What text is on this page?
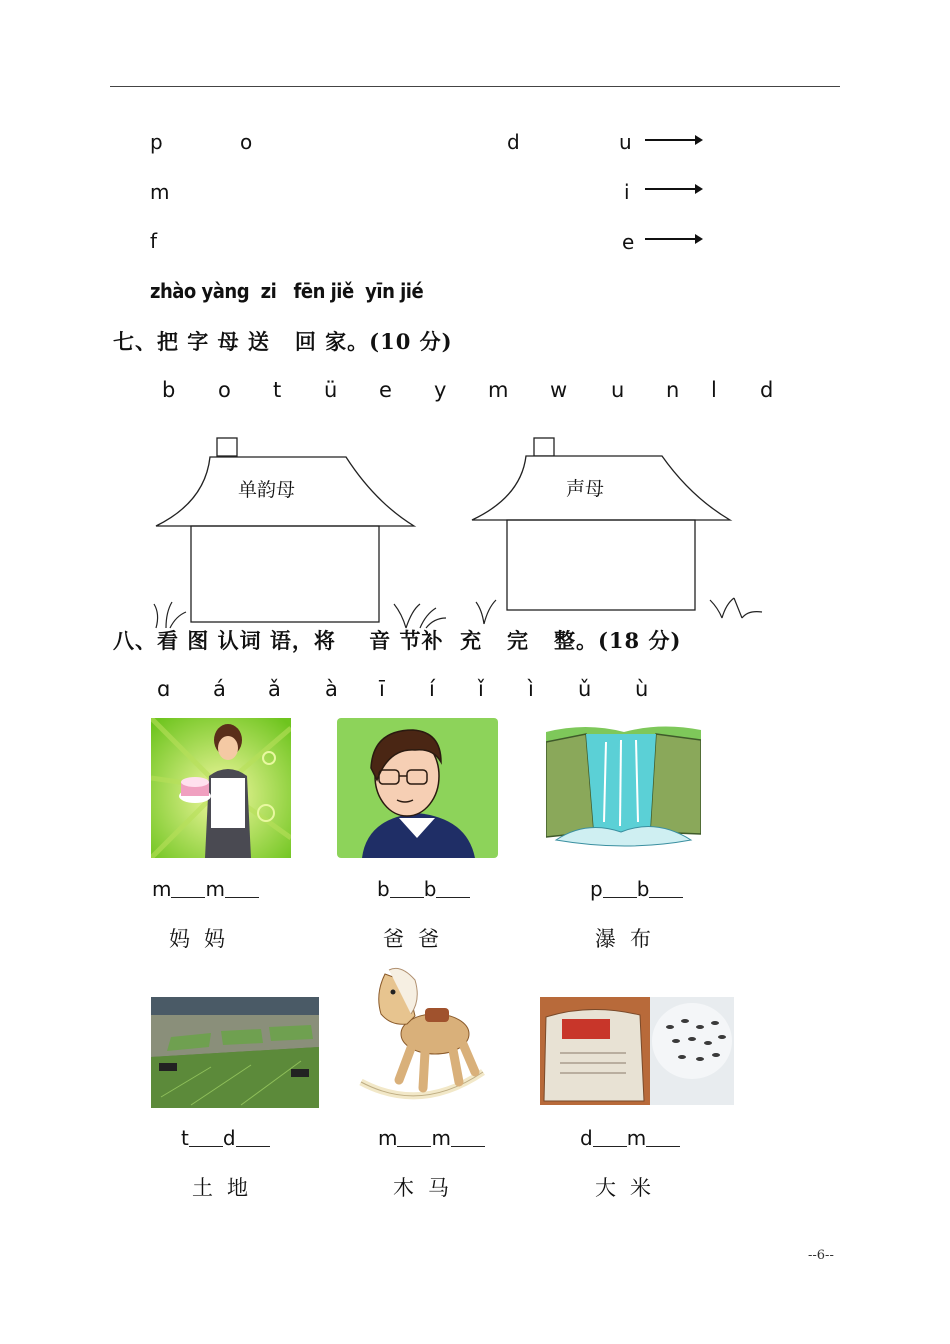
p	o	d	u
m	i
f	e
zhào yàng  zi   fēn jiě  yīn jié
七、把 字 母 送   回 家。(10 分)
b o t ü e y m w u n l d
单韵母	声母
八、看 图 认词 语，将    音 节补  充   完   整。(18 分)
ɑ á ǎ à ī í ǐ ì ǔ ù
m m	b b	p b
妈妈	爸爸	瀑布
t d	m m	d m
土地	木马	大米
--6--
